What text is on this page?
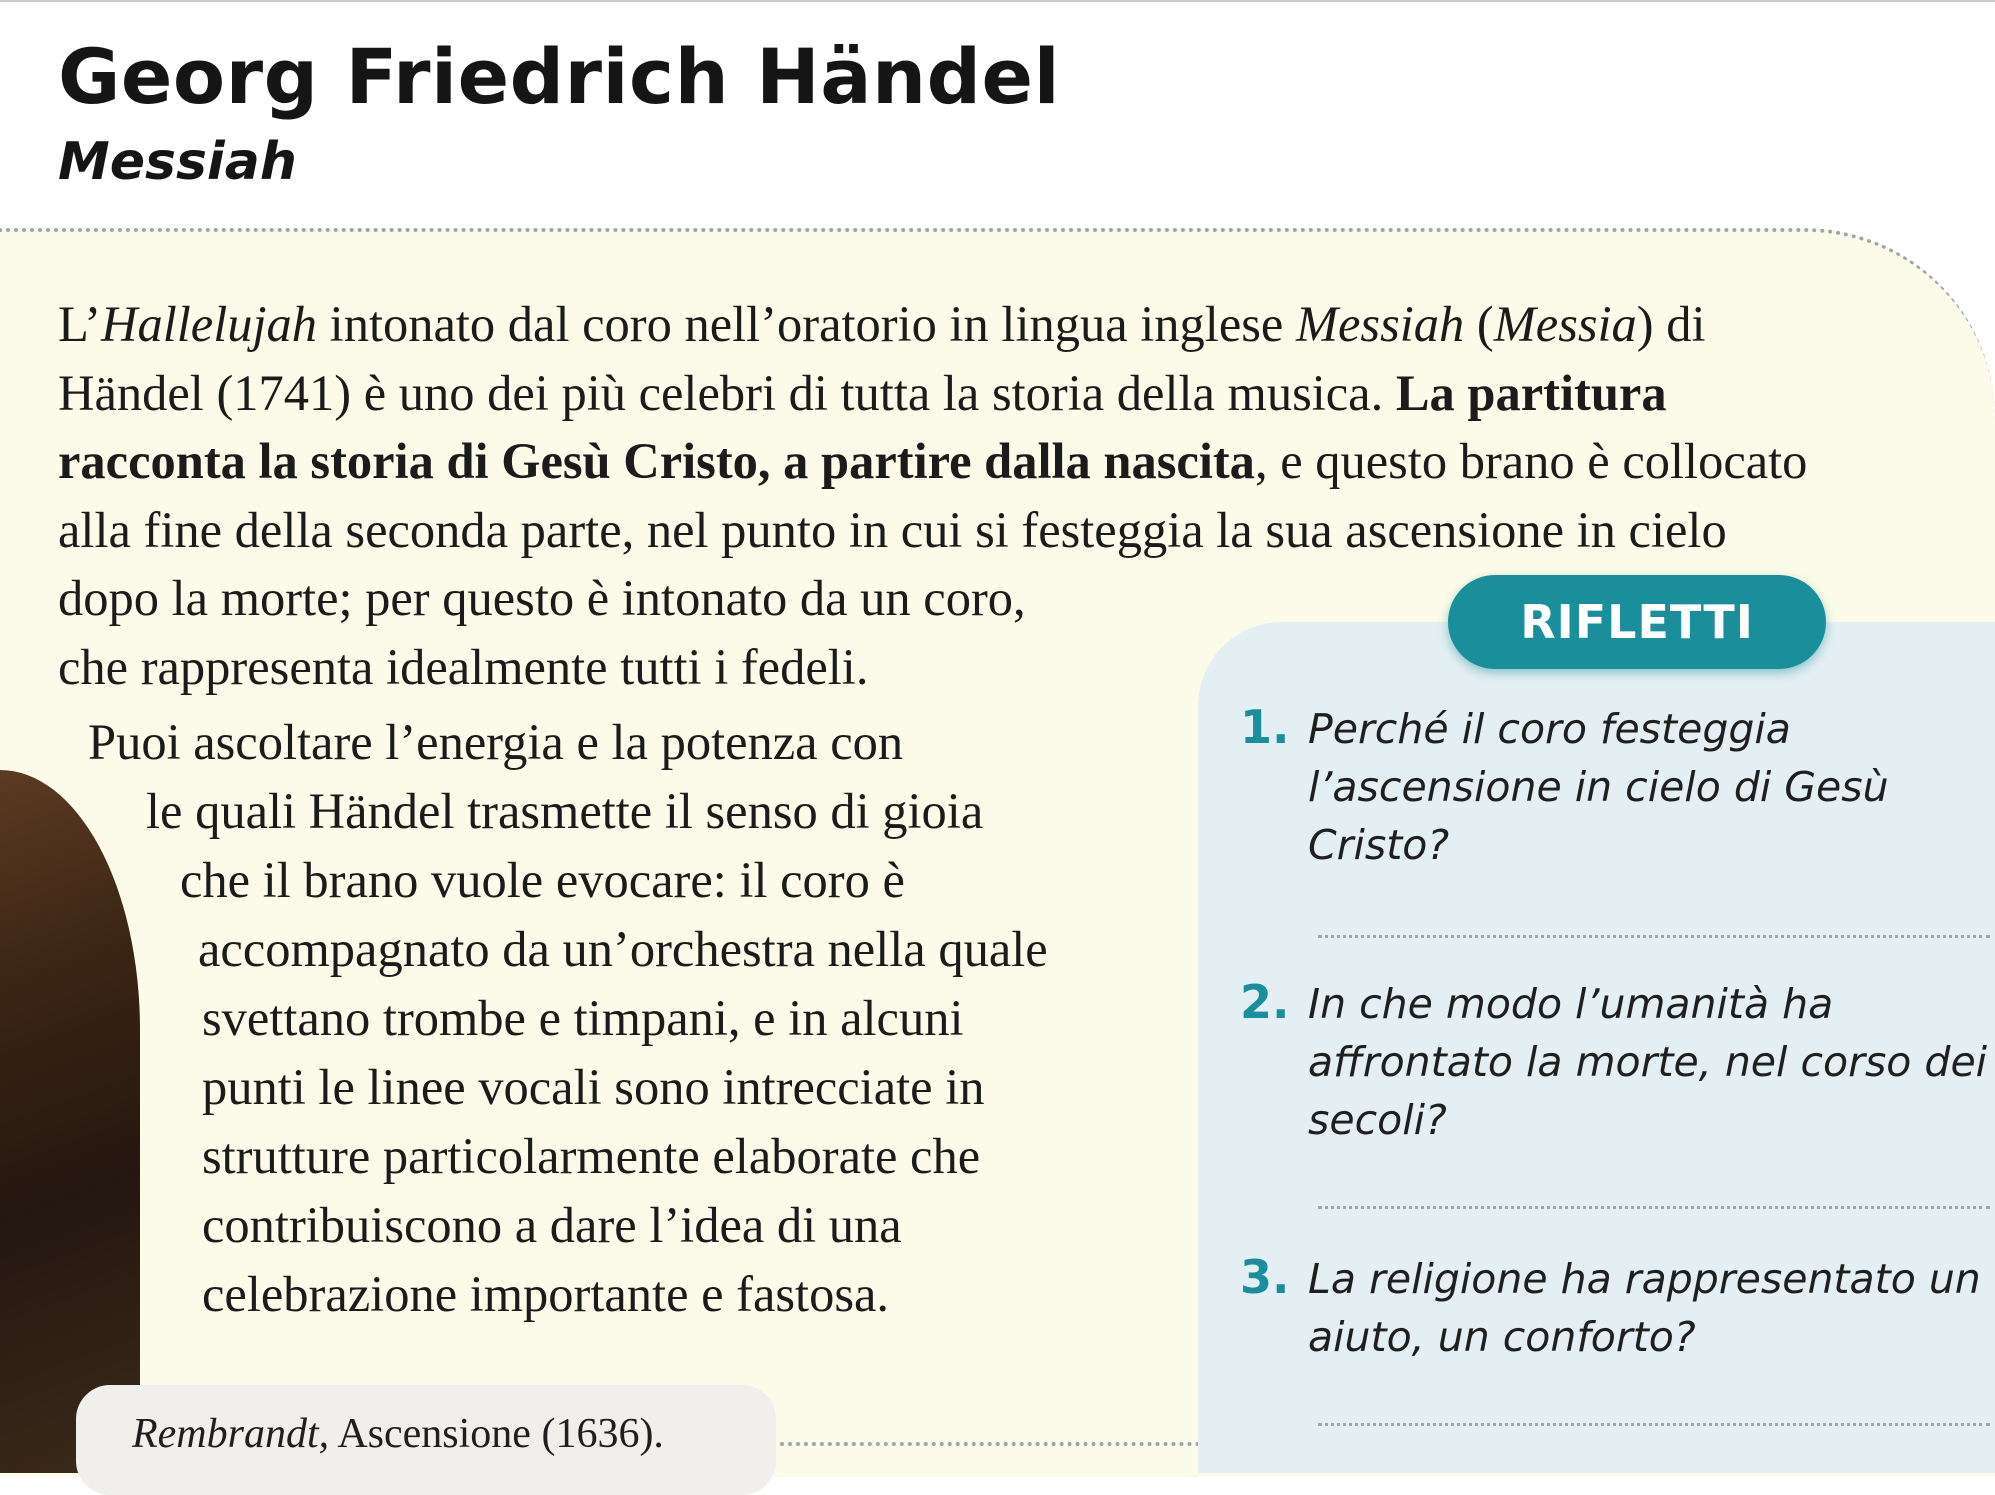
Georg Friedrich Händel
Messiah
Rembrandt, Ascensione (1636).
L’Hallelujah intonato dal coro nell’oratorio in lingua inglese Messiah (Messia) di
Händel (1741) è uno dei più celebri di tutta la storia della musica. La partitura
racconta la storia di Gesù Cristo, a partire dalla nascita, e questo brano è collocato
alla fine della seconda parte, nel punto in cui si festeggia la sua ascensione in cielo
dopo la morte; per questo è intonato da un coro,
che rappresenta idealmente tutti i fedeli.
Puoi ascoltare l’energia e la potenza con
le quali Händel trasmette il senso di gioia
che il brano vuole evocare: il coro è
accompagnato da un’orchestra nella quale
svettano trombe e timpani, e in alcuni
punti le linee vocali sono intrecciate in
strutture particolarmente elaborate che
contribuiscono a dare l’idea di una
celebrazione importante e fastosa.
RIFLETTI
1. Perché il coro festeggia l’ascensione in cielo di Gesù Cristo?

2. In che modo l’umanità ha affrontato la morte, nel corso dei secoli?

3. La religione ha rappresentato un aiuto, un conforto?
